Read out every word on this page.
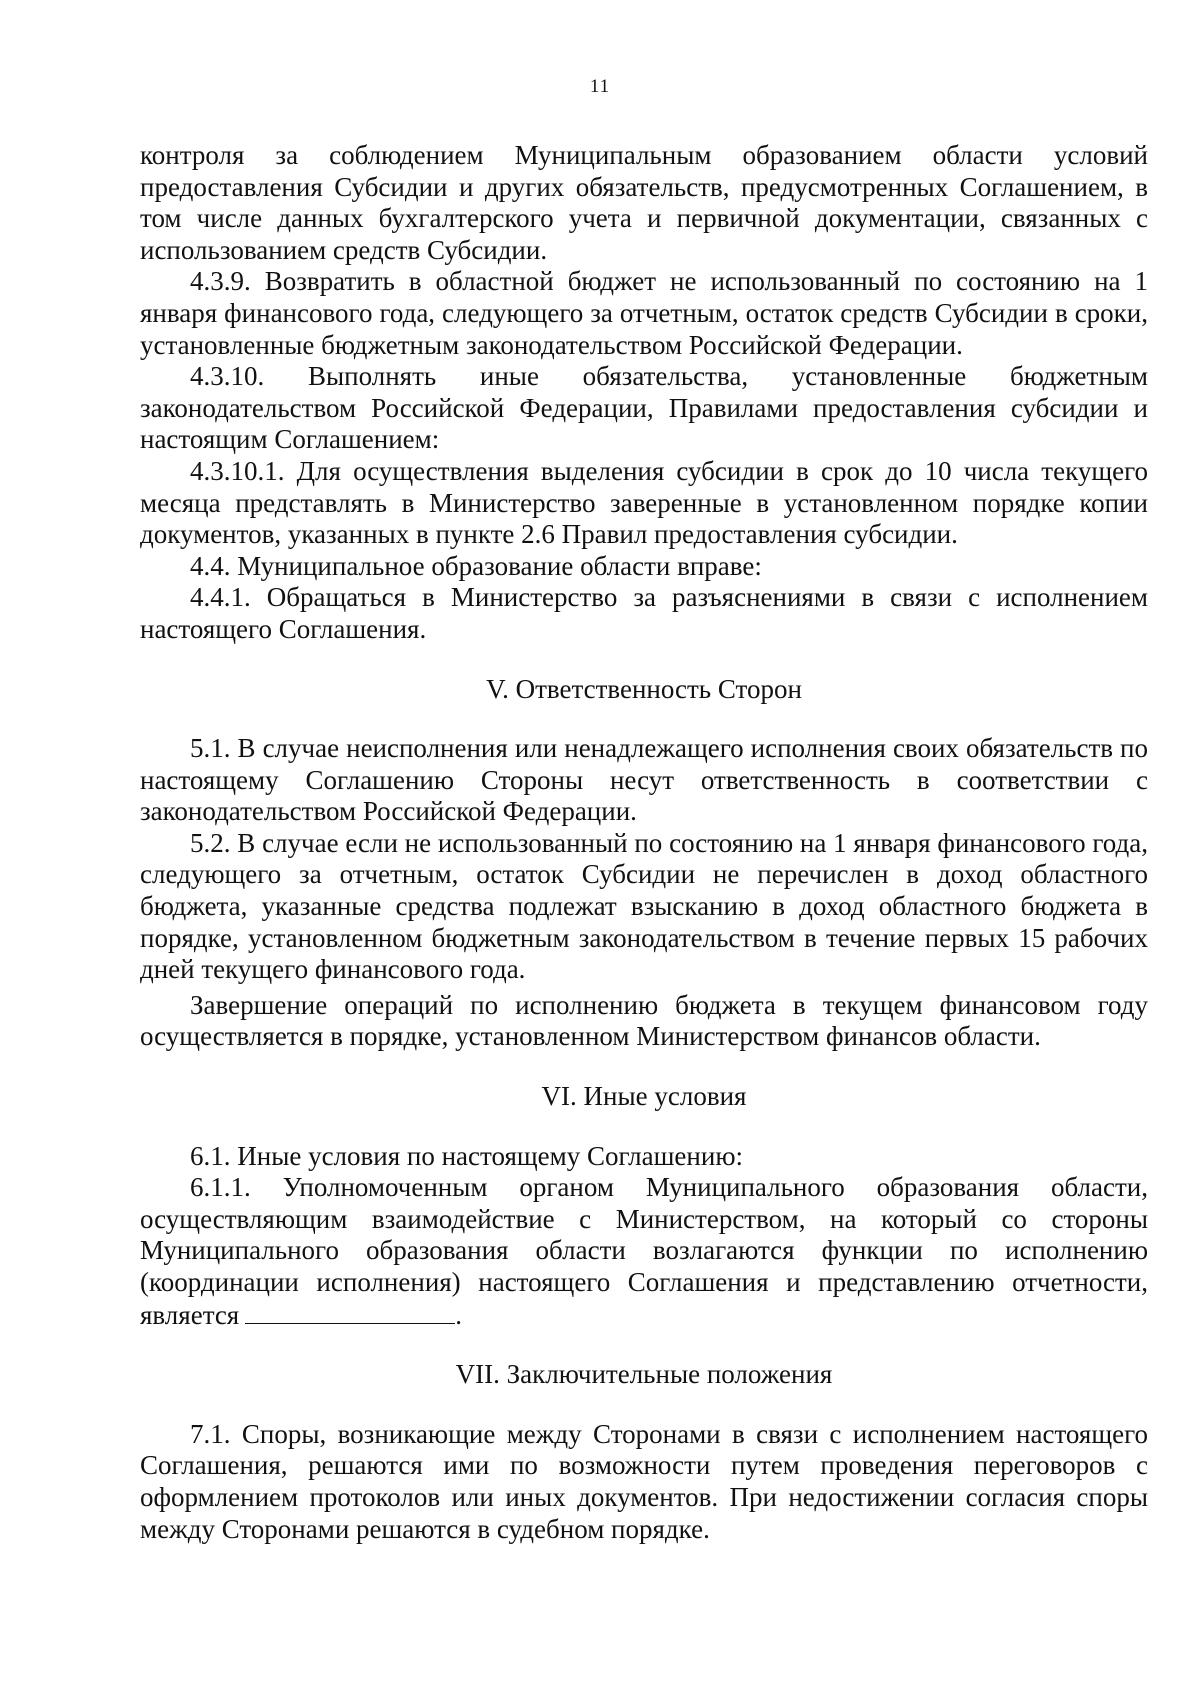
11

контроля за соблюдением Муниципальным образованием области условий предоставления Субсидии и других обязательств, предусмотренных Соглашением, в том числе данных бухгалтерского учета и первичной документации, связанных с использованием средств Субсидии.

4.3.9. Возвратить в областной бюджет не использованный по состоянию на 1 января финансового года, следующего за отчетным, остаток средств Субсидии в сроки, установленные бюджетным законодательством Российской Федерации.

4.3.10. Выполнять иные обязательства, установленные бюджетным законодательством Российской Федерации, Правилами предоставления субсидии и настоящим Соглашением:

4.3.10.1. Для осуществления выделения субсидии в срок до 10 числа текущего месяца представлять в Министерство заверенные в установленном порядке копии документов, указанных в пункте 2.6 Правил предоставления субсидии.

4.4. Муниципальное образование области вправе:

4.4.1. Обращаться в Министерство за разъяснениями в связи с исполнением настоящего Соглашения.

V. Ответственность Сторон

5.1. В случае неисполнения или ненадлежащего исполнения своих обязательств по настоящему Соглашению Стороны несут ответственность в соответствии с законодательством Российской Федерации.

5.2. В случае если не использованный по состоянию на 1 января финансового года, следующего за отчетным, остаток Субсидии не перечислен в доход областного бюджета, указанные средства подлежат взысканию в доход областного бюджета в порядке, установленном бюджетным законодательством в течение первых 15 рабочих дней текущего финансового года.

Завершение операций по исполнению бюджета в текущем финансовом году осуществляется в порядке, установленном Министерством финансов области.

VI. Иные условия

6.1. Иные условия по настоящему Соглашению:

6.1.1. Уполномоченным органом Муниципального образования области, осуществляющим взаимодействие с Министерством, на который со стороны Муниципального образования области возлагаются функции по исполнению (координации исполнения) настоящего Соглашения и представлению отчетности, является	.

VII. Заключительные положения

7.1. Споры, возникающие между Сторонами в связи с исполнением настоящего Соглашения, решаются ими по возможности путем проведения переговоров с оформлением протоколов или иных документов. При недостижении согласия споры между Сторонами решаются в судебном порядке.
